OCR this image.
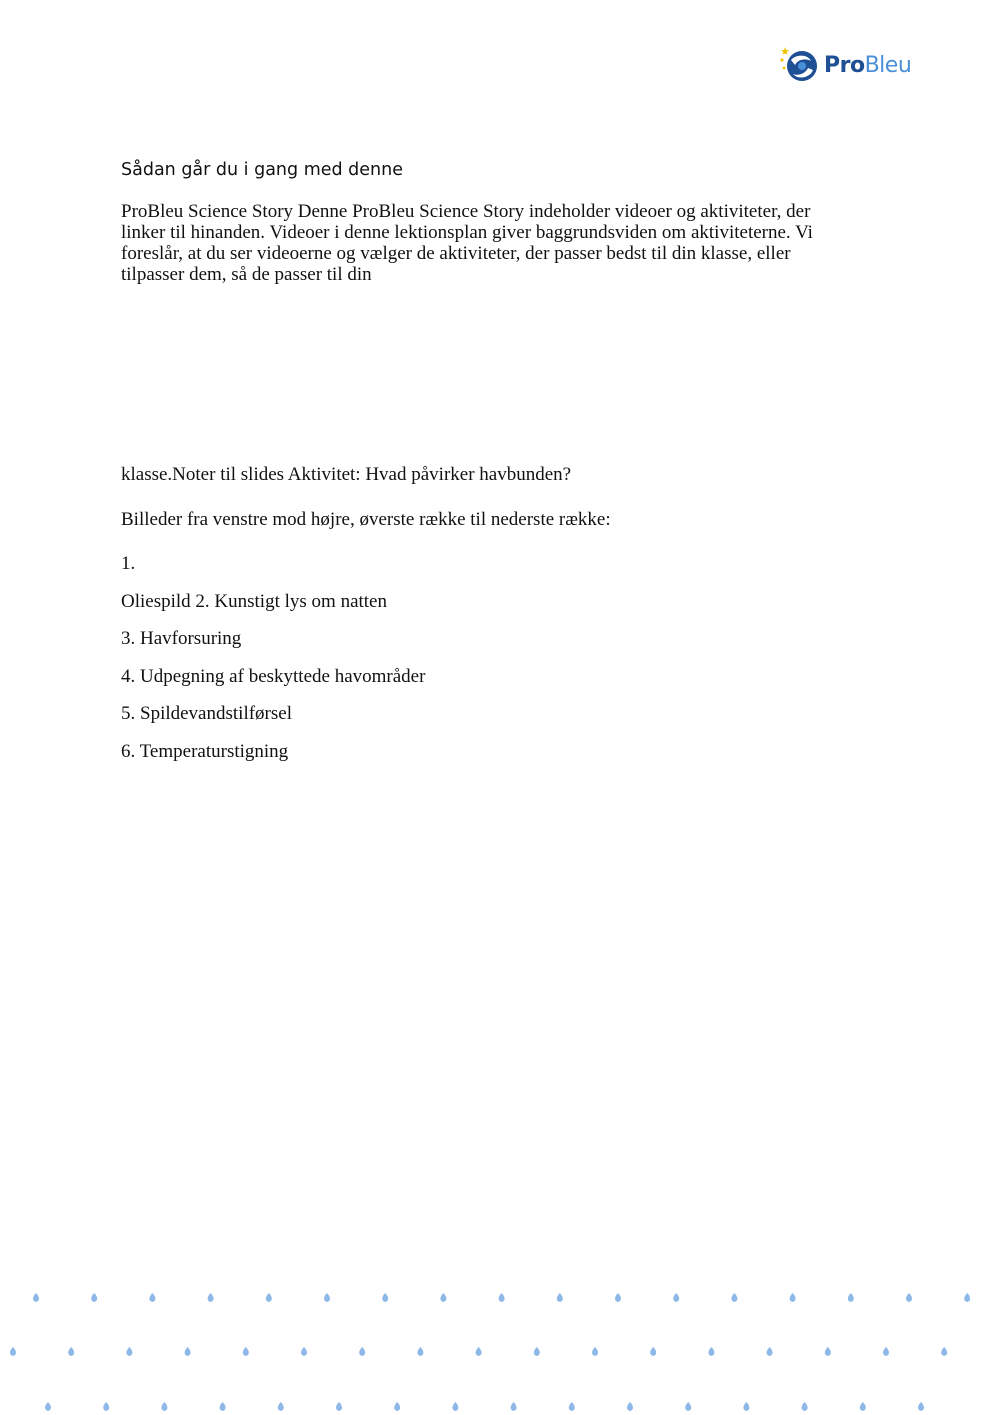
ProBleu
Sådan går du i gang med denne

ProBleu Science Story Denne ProBleu Science Story indeholder videoer og aktiviteter, der
linker til hinanden. Videoer i denne lektionsplan giver baggrundsviden om aktiviteterne. Vi
foreslår, at du ser videoerne og vælger de aktiviteter, der passer bedst til din klasse, eller
tilpasser dem, så de passer til din

klasse.Noter til slides Aktivitet: Hvad påvirker havbunden?

Billeder fra venstre mod højre, øverste række til nederste række:

1.

Oliespild 2. Kunstigt lys om natten

3. Havforsuring

4. Udpegning af beskyttede havområder

5. Spildevandstilførsel

6. Temperaturstigning
